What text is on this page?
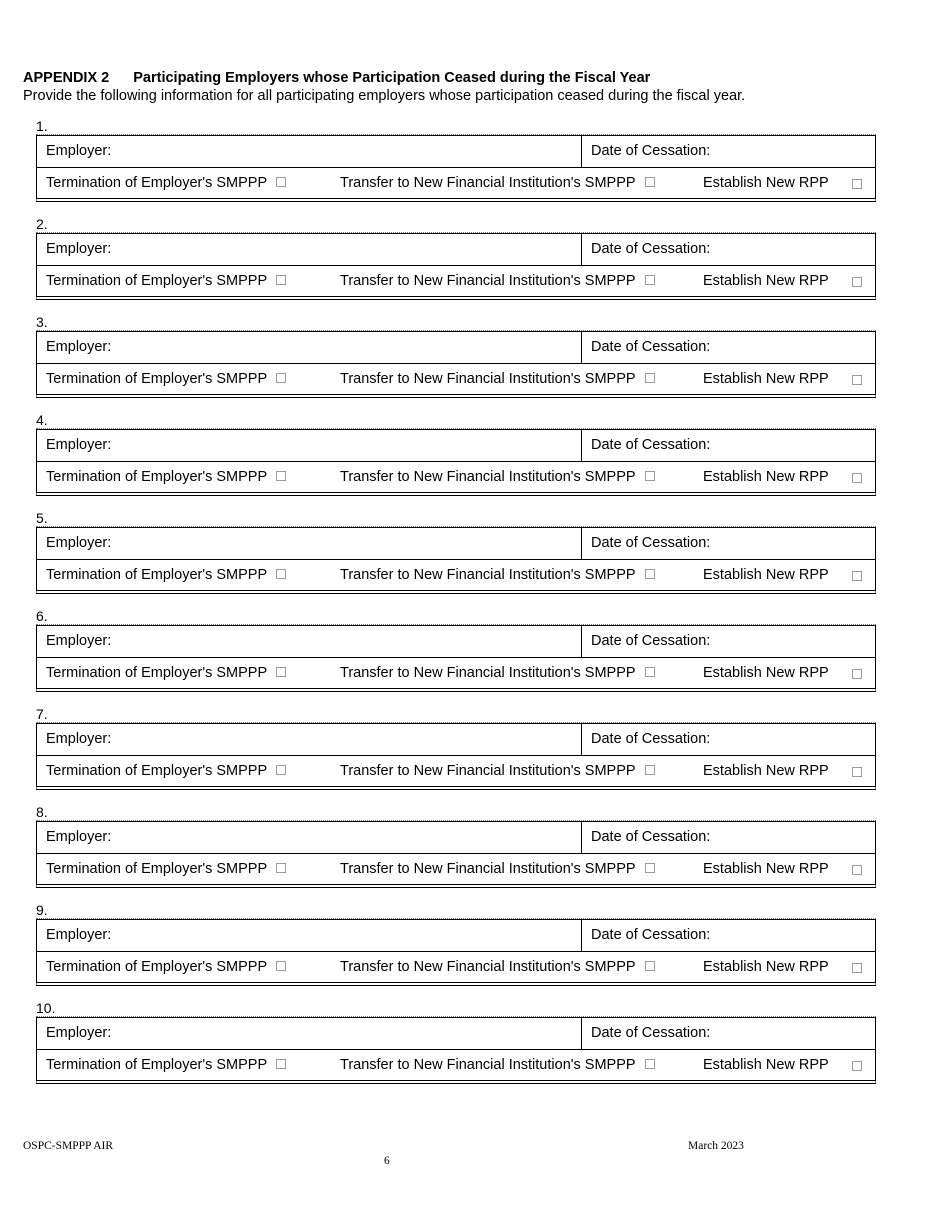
APPENDIX 2 Participating Employers whose Participation Ceased during the Fiscal Year
Provide the following information for all participating employers whose participation ceased during the fiscal year.
1.
Employer:	Date of Cessation:
Termination of Employer's SMPPP	Transfer to New Financial Institution's SMPPP	Establish New RPP
2.
Employer:	Date of Cessation:
Termination of Employer's SMPPP	Transfer to New Financial Institution's SMPPP	Establish New RPP
3.
Employer:	Date of Cessation:
Termination of Employer's SMPPP	Transfer to New Financial Institution's SMPPP	Establish New RPP
4.
Employer:	Date of Cessation:
Termination of Employer's SMPPP	Transfer to New Financial Institution's SMPPP	Establish New RPP
5.
Employer:	Date of Cessation:
Termination of Employer's SMPPP	Transfer to New Financial Institution's SMPPP	Establish New RPP
6.
Employer:	Date of Cessation:
Termination of Employer's SMPPP	Transfer to New Financial Institution's SMPPP	Establish New RPP
7.
Employer:	Date of Cessation:
Termination of Employer's SMPPP	Transfer to New Financial Institution's SMPPP	Establish New RPP
8.
Employer:	Date of Cessation:
Termination of Employer's SMPPP	Transfer to New Financial Institution's SMPPP	Establish New RPP
9.
Employer:	Date of Cessation:
Termination of Employer's SMPPP	Transfer to New Financial Institution's SMPPP	Establish New RPP
10.
Employer:	Date of Cessation:
Termination of Employer's SMPPP	Transfer to New Financial Institution's SMPPP	Establish New RPP
OSPC-SMPPP AIR	March 2023
6
